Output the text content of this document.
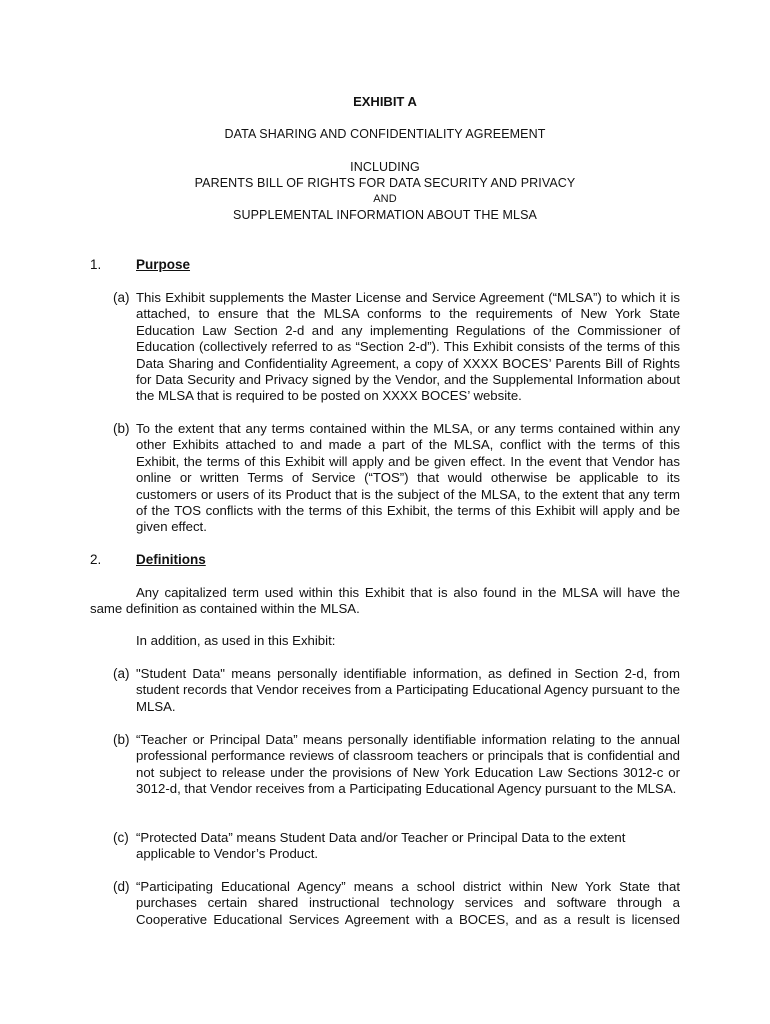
EXHIBIT A
DATA SHARING AND CONFIDENTIALITY AGREEMENT
INCLUDING
PARENTS BILL OF RIGHTS FOR DATA SECURITY AND PRIVACY
AND
SUPPLEMENTAL INFORMATION ABOUT THE MLSA
1.	Purpose
(a) This Exhibit supplements the Master License and Service Agreement (“MLSA”) to which it is attached, to ensure that the MLSA conforms to the requirements of New York State Education Law Section 2-d and any implementing Regulations of the Commissioner of Education (collectively referred to as “Section 2-d”). This Exhibit consists of the terms of this Data Sharing and Confidentiality Agreement, a copy of XXXX BOCES’ Parents Bill of Rights for Data Security and Privacy signed by the Vendor, and the Supplemental Information about the MLSA that is required to be posted on XXXX BOCES’ website.

(b) To the extent that any terms contained within the MLSA, or any terms contained within any other Exhibits attached to and made a part of the MLSA, conflict with the terms of this Exhibit, the terms of this Exhibit will apply and be given effect. In the event that Vendor has online or written Terms of Service (“TOS”) that would otherwise be applicable to its customers or users of its Product that is the subject of the MLSA, to the extent that any term of the TOS conflicts with the terms of this Exhibit, the terms of this Exhibit will apply and be given effect.

2.	Definitions

Any capitalized term used within this Exhibit that is also found in the MLSA will have the same definition as contained within the MLSA.

In addition, as used in this Exhibit:

(a) "Student Data" means personally identifiable information, as defined in Section 2-d, from student records that Vendor receives from a Participating Educational Agency pursuant to the MLSA.

(b) “Teacher or Principal Data” means personally identifiable information relating to the annual professional performance reviews of classroom teachers or principals that is confidential and not subject to release under the provisions of New York Education Law Sections 3012-c or 3012-d, that Vendor receives from a Participating Educational Agency pursuant to the MLSA.

(c) “Protected Data” means Student Data and/or Teacher or Principal Data to the extent applicable to Vendor’s Product.

(d) “Participating Educational Agency” means a school district within New York State that purchases certain shared instructional technology services and software through a Cooperative Educational Services Agreement with a BOCES, and as a result is licensed
